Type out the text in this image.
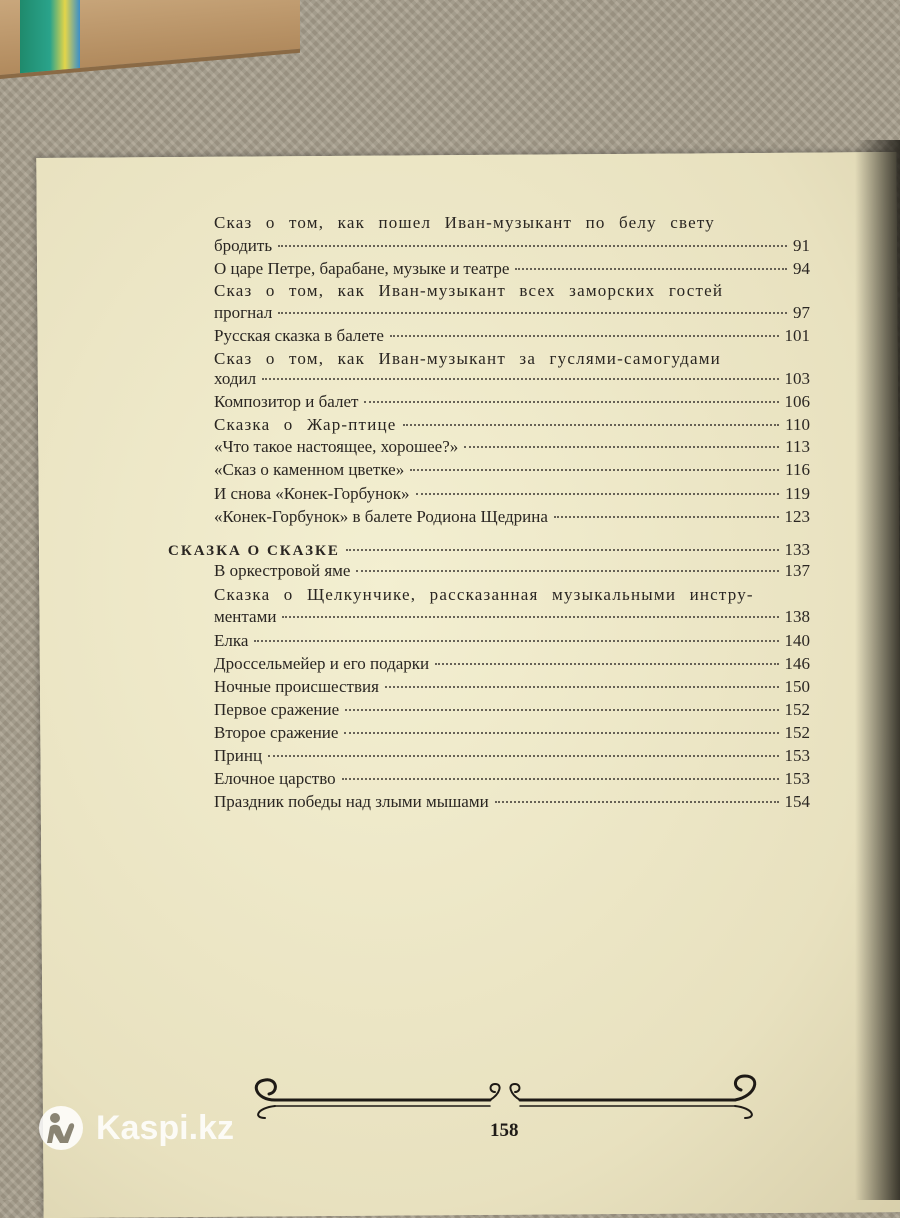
Сказ о том, как пошел Иван-музыкант по белу свету
бродить	91
О царе Петре, барабане, музыке и театре	94
Сказ о том, как Иван-музыкант всех заморских гостей
прогнал	97
Русская сказка в балете	101
Сказ о том, как Иван-музыкант за гуслями-самогудами
ходил	103
Композитор и балет	106
Сказка о Жар-птице	110
«Что такое настоящее, хорошее?»	113
«Сказ о каменном цветке»	116
И снова «Конек-Горбунок»	119
«Конек-Горбунок» в балете Родиона Щедрина	123
СКАЗКА О СКАЗКЕ	133
В оркестровой яме	137
Сказка о Щелкунчике, рассказанная музыкальными инстру-
ментами	138
Елка	140
Дроссельмейер и его подарки	146
Ночные происшествия	150
Первое сражение	152
Второе сражение	152
Принц	153
Елочное царство	153
Праздник победы над злыми мышами	154
158
Kaspi.kz
